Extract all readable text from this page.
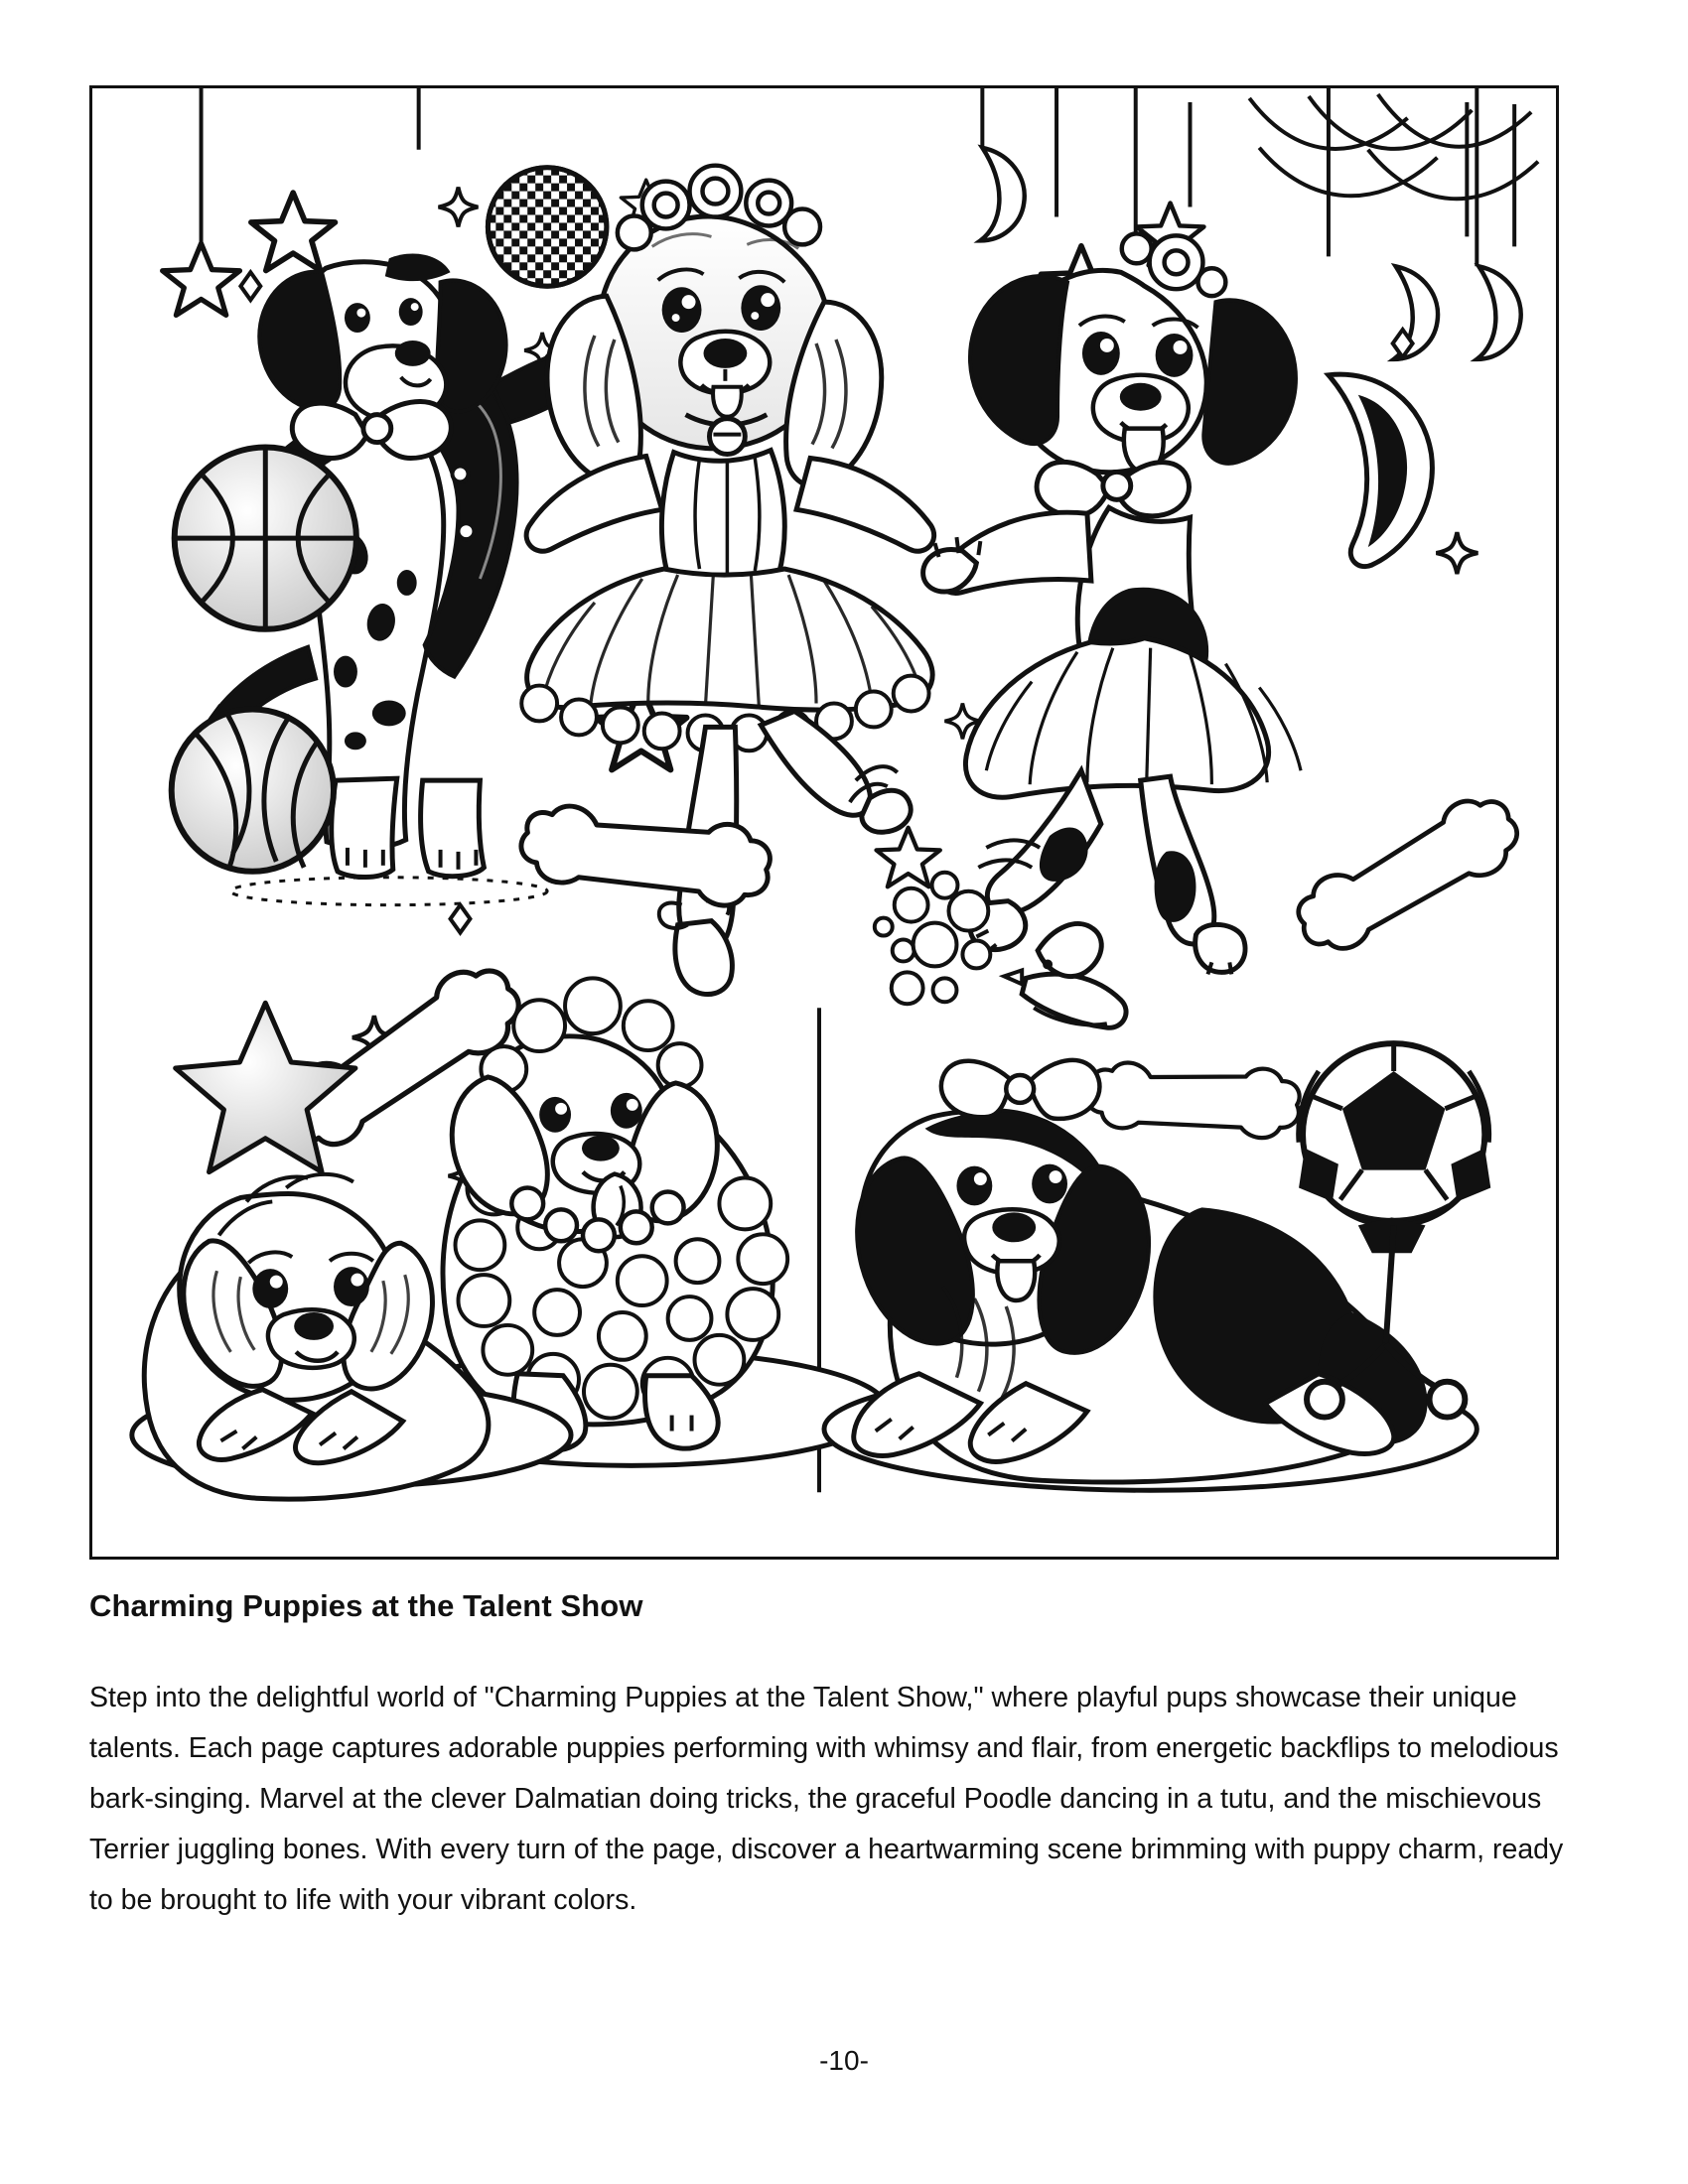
Charming Puppies at the Talent Show
Step into the delightful world of "Charming Puppies at the Talent Show," where playful pups showcase their unique talents. Each page captures adorable puppies performing with whimsy and flair, from energetic backflips to melodious bark-singing. Marvel at the clever Dalmatian doing tricks, the graceful Poodle dancing in a tutu, and the mischievous Terrier juggling bones. With every turn of the page, discover a heartwarming scene brimming with puppy charm, ready to be brought to life with your vibrant colors.
-10-
